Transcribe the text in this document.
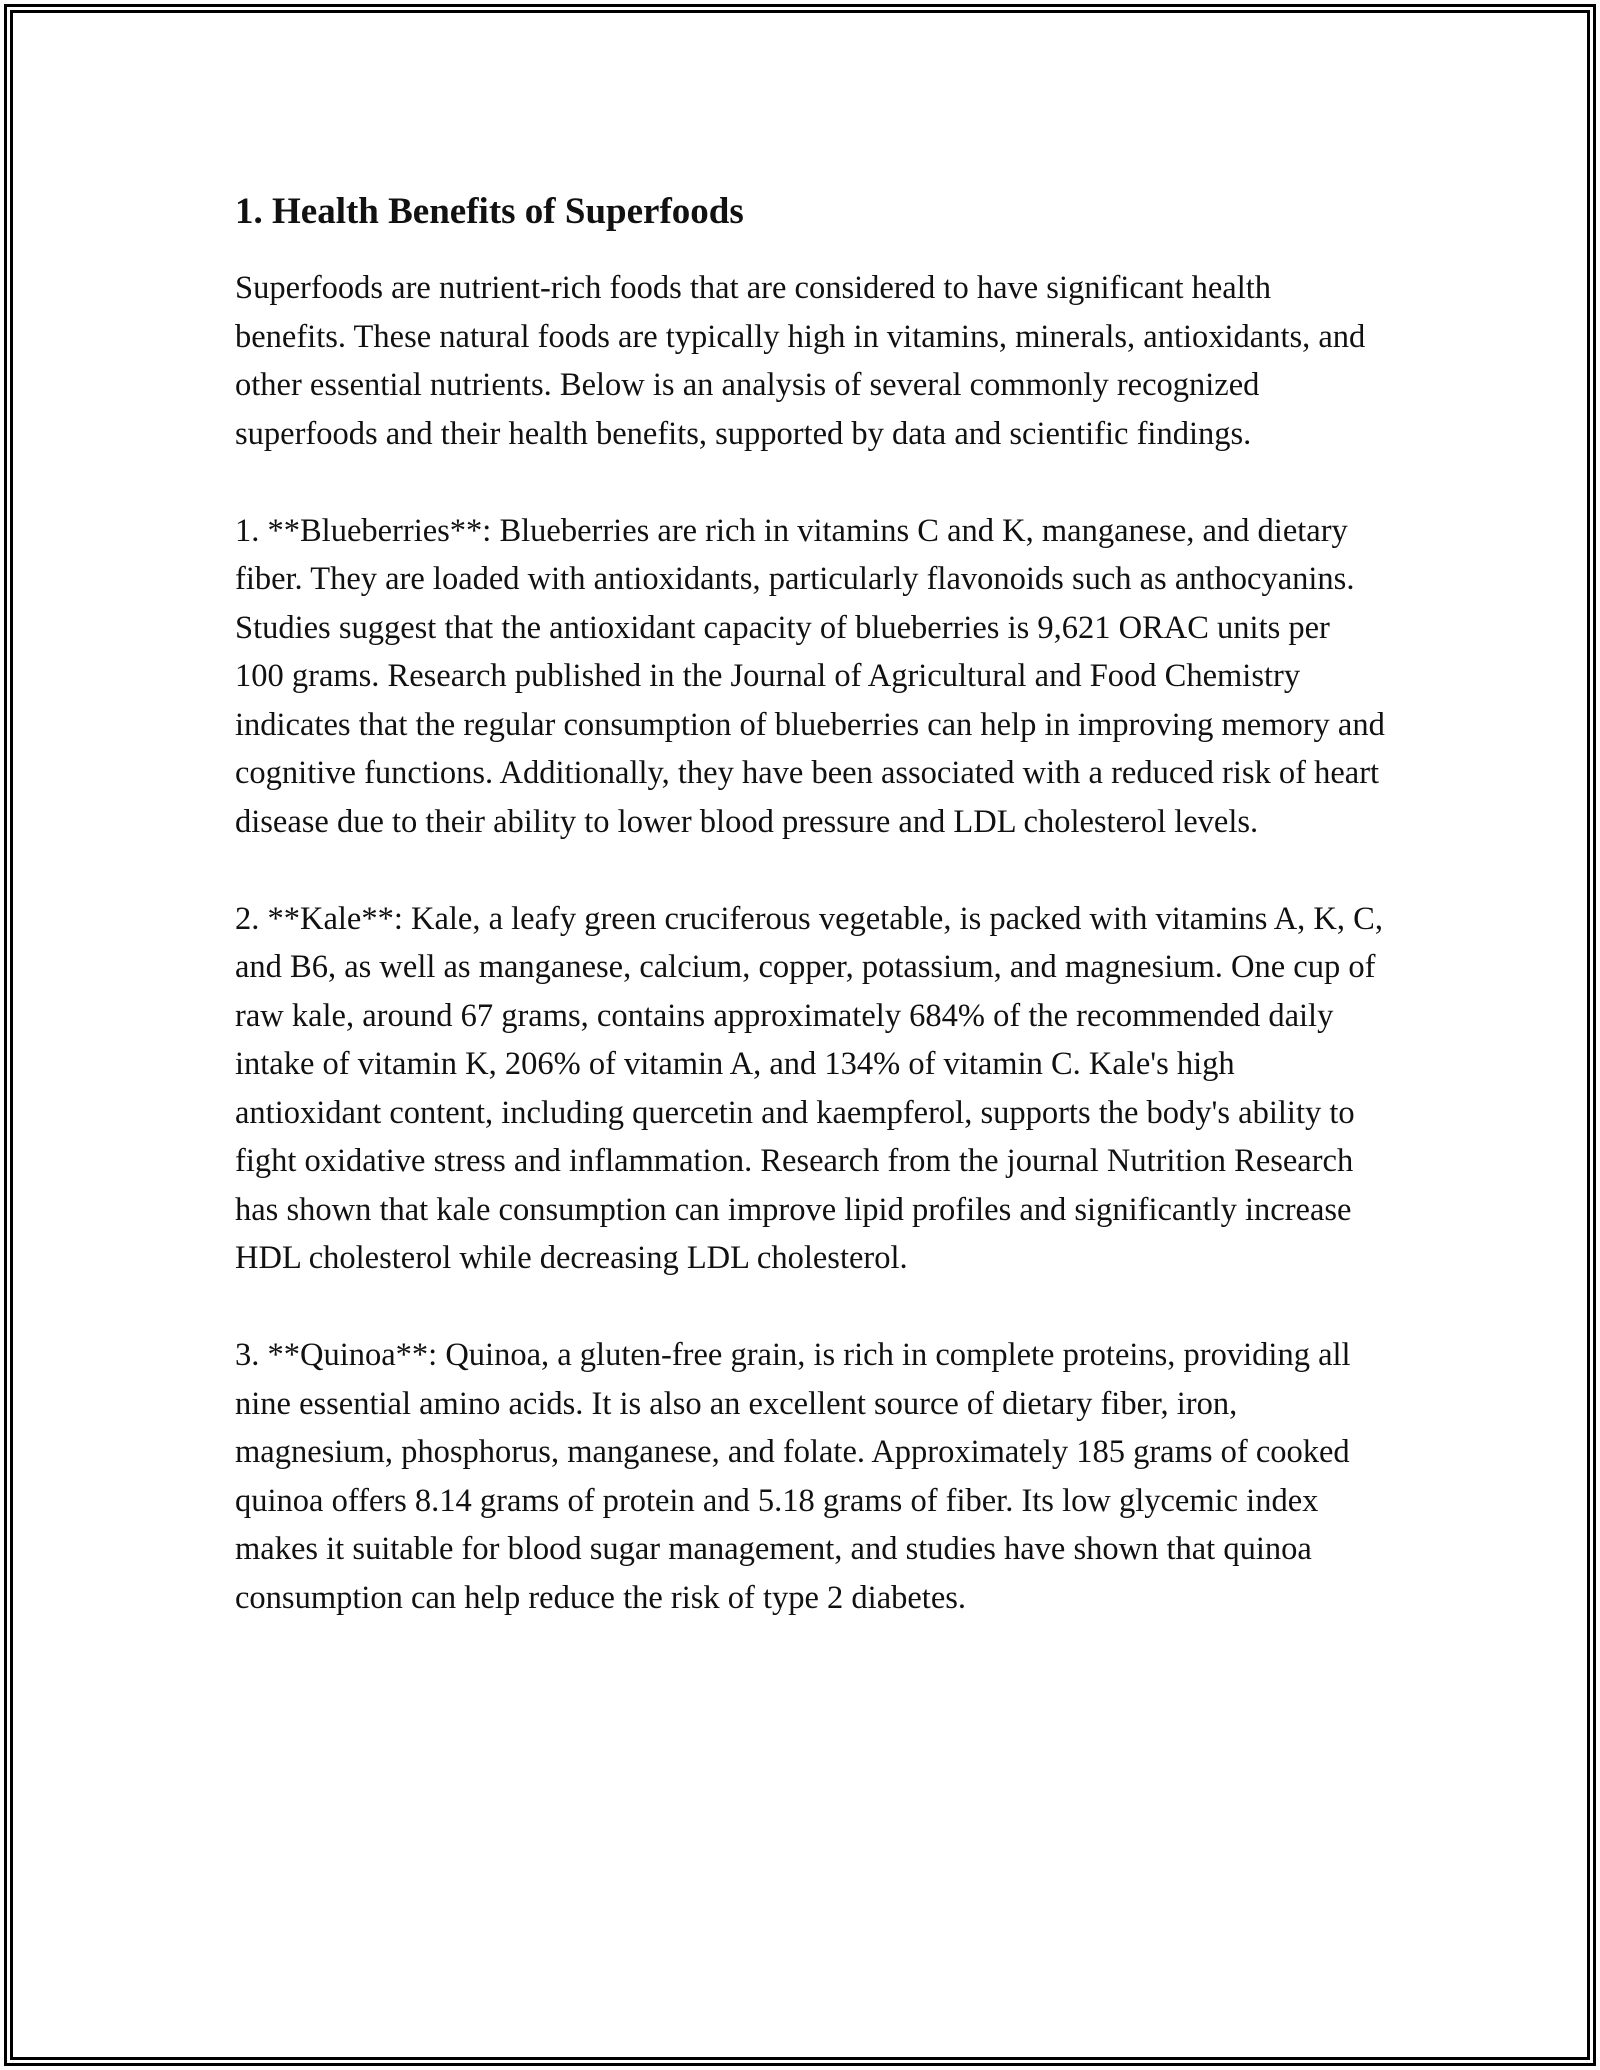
1. Health Benefits of Superfoods

Superfoods are nutrient-rich foods that are considered to have significant health benefits. These natural foods are typically high in vitamins, minerals, antioxidants, and other essential nutrients. Below is an analysis of several commonly recognized superfoods and their health benefits, supported by data and scientific findings.

1. **Blueberries**: Blueberries are rich in vitamins C and K, manganese, and dietary fiber. They are loaded with antioxidants, particularly flavonoids such as anthocyanins. Studies suggest that the antioxidant capacity of blueberries is 9,621 ORAC units per 100 grams. Research published in the Journal of Agricultural and Food Chemistry indicates that the regular consumption of blueberries can help in improving memory and cognitive functions. Additionally, they have been associated with a reduced risk of heart disease due to their ability to lower blood pressure and LDL cholesterol levels.

2. **Kale**: Kale, a leafy green cruciferous vegetable, is packed with vitamins A, K, C, and B6, as well as manganese, calcium, copper, potassium, and magnesium. One cup of raw kale, around 67 grams, contains approximately 684% of the recommended daily intake of vitamin K, 206% of vitamin A, and 134% of vitamin C. Kale's high antioxidant content, including quercetin and kaempferol, supports the body's ability to fight oxidative stress and inflammation. Research from the journal Nutrition Research has shown that kale consumption can improve lipid profiles and significantly increase HDL cholesterol while decreasing LDL cholesterol.

3. **Quinoa**: Quinoa, a gluten-free grain, is rich in complete proteins, providing all nine essential amino acids. It is also an excellent source of dietary fiber, iron, magnesium, phosphorus, manganese, and folate. Approximately 185 grams of cooked quinoa offers 8.14 grams of protein and 5.18 grams of fiber. Its low glycemic index makes it suitable for blood sugar management, and studies have shown that quinoa consumption can help reduce the risk of type 2 diabetes.
